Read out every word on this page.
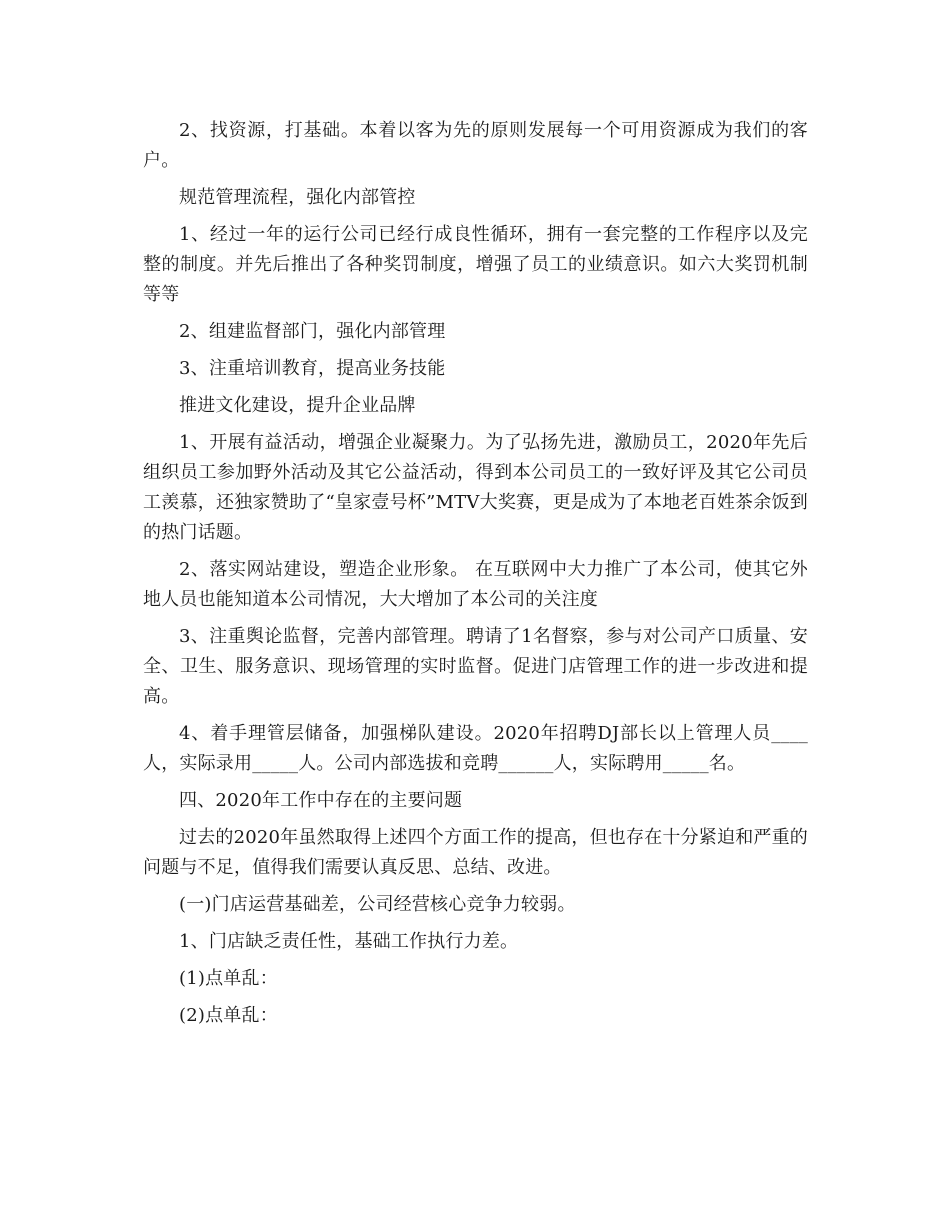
2、找资源，打基础。本着以客为先的原则发展每一个可用资源成为我们的客户。

规范管理流程，强化内部管控

1、经过一年的运行公司已经行成良性循环，拥有一套完整的工作程序以及完整的制度。并先后推出了各种奖罚制度，增强了员工的业绩意识。如六大奖罚机制等等

2、组建监督部门，强化内部管理

3、注重培训教育，提高业务技能

推进文化建设，提升企业品牌

1、开展有益活动，增强企业凝聚力。为了弘扬先进，激励员工，2020年先后组织员工参加野外活动及其它公益活动，得到本公司员工的一致好评及其它公司员工羡慕，还独家赞助了“皇家壹号杯”MTV大奖赛，更是成为了本地老百姓茶余饭到的热门话题。

2、落实网站建设，塑造企业形象。 在互联网中大力推广了本公司，使其它外地人员也能知道本公司情况，大大增加了本公司的关注度

3、注重舆论监督，完善内部管理。聘请了1名督察，参与对公司产口质量、安全、卫生、服务意识、现场管理的实时监督。促进门店管理工作的进一步改进和提高。

4、着手理管层储备，加强梯队建设。2020年招聘DJ部长以上管理人员____人，实际录用_____人。公司内部选拔和竞聘______人，实际聘用_____名。

四、2020年工作中存在的主要问题

过去的2020年虽然取得上述四个方面工作的提高，但也存在十分紧迫和严重的问题与不足，值得我们需要认真反思、总结、改进。

(一)门店运营基础差，公司经营核心竞争力较弱。

1、门店缺乏责任性，基础工作执行力差。

(1)点单乱：

(2)点单乱：
